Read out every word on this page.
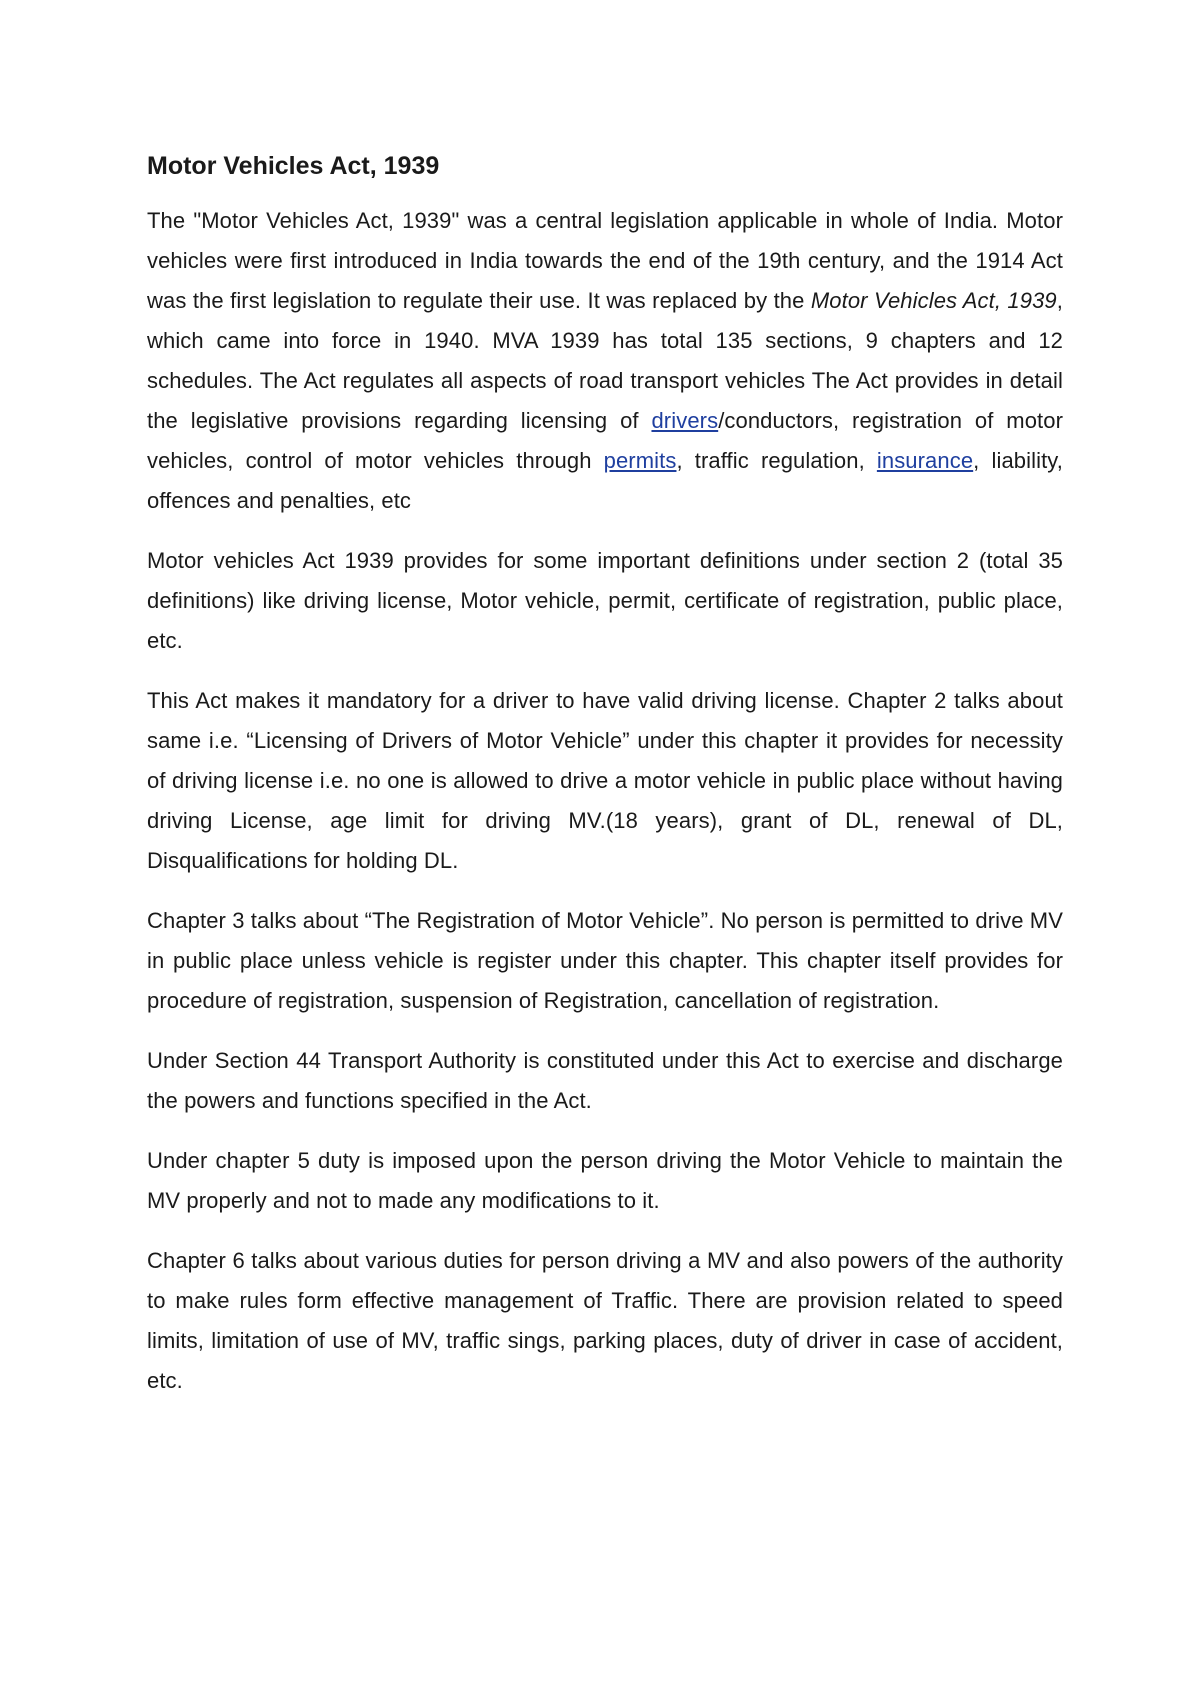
Motor Vehicles Act, 1939

The "Motor Vehicles Act, 1939" was a central legislation applicable in whole of India. Motor vehicles were first introduced in India towards the end of the 19th century, and the 1914 Act was the first legislation to regulate their use. It was replaced by the Motor Vehicles Act, 1939, which came into force in 1940. MVA 1939 has total 135 sections, 9 chapters and 12 schedules. The Act regulates all aspects of road transport vehicles The Act provides in detail the legislative provisions regarding licensing of drivers/conductors, registration of motor vehicles, control of motor vehicles through permits, traffic regulation, insurance, liability, offences and penalties, etc

Motor vehicles Act 1939 provides for some important definitions under section 2 (total 35 definitions) like driving license, Motor vehicle, permit, certificate of registration, public place, etc.

This Act makes it mandatory for a driver to have valid driving license. Chapter 2 talks about same i.e. “Licensing of Drivers of Motor Vehicle” under this chapter it provides for necessity of driving license i.e. no one is allowed to drive a motor vehicle in public place without having driving License, age limit for driving MV.(18 years), grant of DL, renewal of DL, Disqualifications for holding DL.

Chapter 3 talks about “The Registration of Motor Vehicle”. No person is permitted to drive MV in public place unless vehicle is register under this chapter. This chapter itself provides for procedure of registration, suspension of Registration, cancellation of registration.

Under Section 44 Transport Authority is constituted under this Act to exercise and discharge the powers and functions specified in the Act.

Under chapter 5 duty is imposed upon the person driving the Motor Vehicle to maintain the MV properly and not to made any modifications to it.

Chapter 6 talks about various duties for person driving a MV and also powers of the authority to make rules form effective management of Traffic. There are provision related to speed limits, limitation of use of MV, traffic sings, parking places, duty of driver in case of accident, etc.
